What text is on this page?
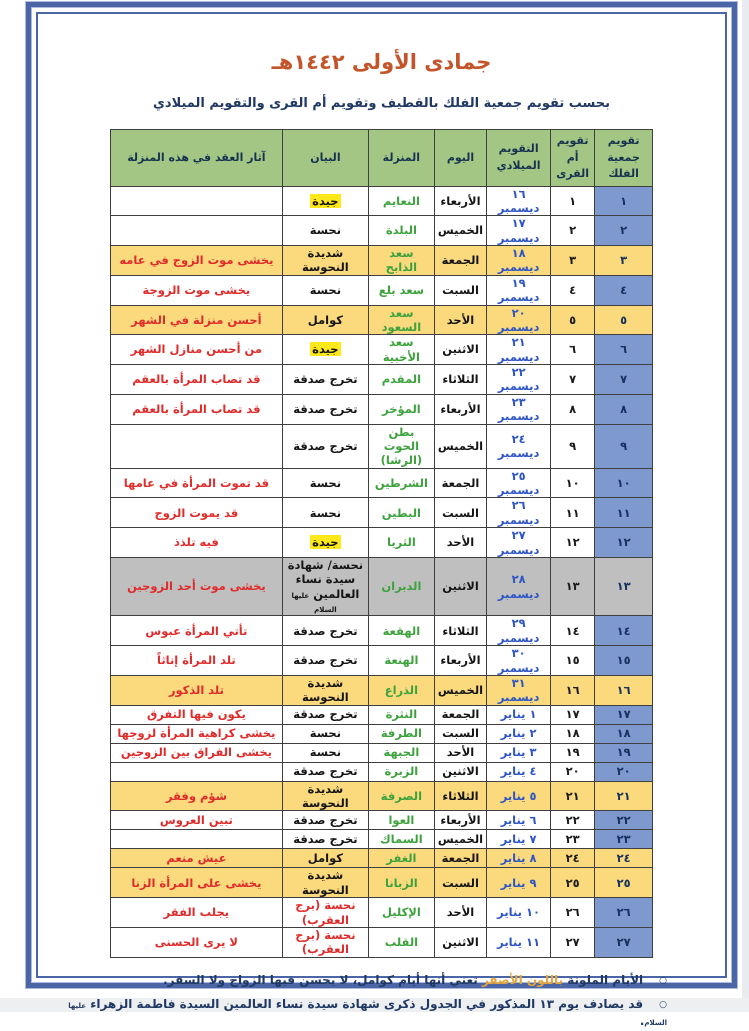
جمادى الأولى ١٤٤٢هـ
بحسب تقويم جمعية الفلك بالقطيف وتقويم أم القرى والتقويم الميلادي
تقويم جمعية الفلك	تقويم أم القرى	التقويم الميلادي	اليوم	المنزلة	البيان	آثار العقد في هذه المنزلة
١	١	١٦ ديسمبر	الأربعاء	النعايم	جيدة	
٢	٢	١٧ ديسمبر	الخميس	البلدة	نحسة	
٣	٣	١٨ ديسمبر	الجمعة	سعد الذابح	شديدة النحوسة	يخشى موت الزوج في عامه
٤	٤	١٩ ديسمبر	السبت	سعد بلع	نحسة	يخشى موت الزوجة
٥	٥	٢٠ ديسمبر	الأحد	سعد السعود	كوامل	أحسن منزلة في الشهر
٦	٦	٢١ ديسمبر	الاثنين	سعد الأخبية	جيدة	من أحسن منازل الشهر
٧	٧	٢٢ ديسمبر	الثلاثاء	المقدم	تخرج صدقة	قد تصاب المرأة بالعقم
٨	٨	٢٣ ديسمبر	الأربعاء	المؤخر	تخرج صدقة	قد تصاب المرأة بالعقم
٩	٩	٢٤ ديسمبر	الخميس	بطن الحوت (الرشا)	تخرج صدقة	
١٠	١٠	٢٥ ديسمبر	الجمعة	الشرطين	نحسة	قد تموت المرأة في عامها
١١	١١	٢٦ ديسمبر	السبت	البطين	نحسة	قد يموت الزوج
١٢	١٢	٢٧ ديسمبر	الأحد	الثريا	جيدة	فيه تلذذ
١٣	١٣	٢٨ ديسمبر	الاثنين	الدبران	نحسة/ شهادة سيدة نساء العالمين عليها السلام	يخشى موت أحد الزوجين
١٤	١٤	٢٩ ديسمبر	الثلاثاء	الهقعة	تخرج صدقة	تأتي المرأة عبوس
١٥	١٥	٣٠ ديسمبر	الأربعاء	الهنعة	تخرج صدقة	تلد المرأة إناثاً
١٦	١٦	٣١ ديسمبر	الخميس	الذراع	شديدة النحوسة	تلد الذكور
١٧	١٧	١ يناير	الجمعة	النثرة	تخرج صدقة	يكون فيها التفرق
١٨	١٨	٢ يناير	السبت	الطرفة	نحسة	يخشى كراهية المرأة لزوجها
١٩	١٩	٣ يناير	الأحد	الجبهة	نحسة	يخشى الفراق بين الزوجين
٢٠	٢٠	٤ يناير	الاثنين	الزبرة	تخرج صدقة	
٢١	٢١	٥ يناير	الثلاثاء	الصرفة	شديدة النحوسة	شؤم وفقر
٢٢	٢٢	٦ يناير	الأربعاء	العوا	تخرج صدقة	تبين العروس
٢٣	٢٣	٧ يناير	الخميس	السماك	تخرج صدقة	
٢٤	٢٤	٨ يناير	الجمعة	الغفر	كوامل	عيش منعم
٢٥	٢٥	٩ يناير	السبت	الزبانا	شديدة النحوسة	يخشى على المرأة الزنا
٢٦	٢٦	١٠ يناير	الأحد	الإكليل	نحسة (برج العقرب)	يجلب الفقر
٢٧	٢٧	١١ يناير	الاثنين	القلب	نحسة (برج العقرب)	لا يرى الحسنى
○الأيام الملونة باللون الأصفر تعني أنها أيام كوامل، لا يحسن فيها الزواج ولا السفر.
○قد يصادف يوم ١٣ المذكور في الجدول ذكرى شهادة سيدة نساء العالمين السيدة فاطمة الزهراء عليها السلام.
